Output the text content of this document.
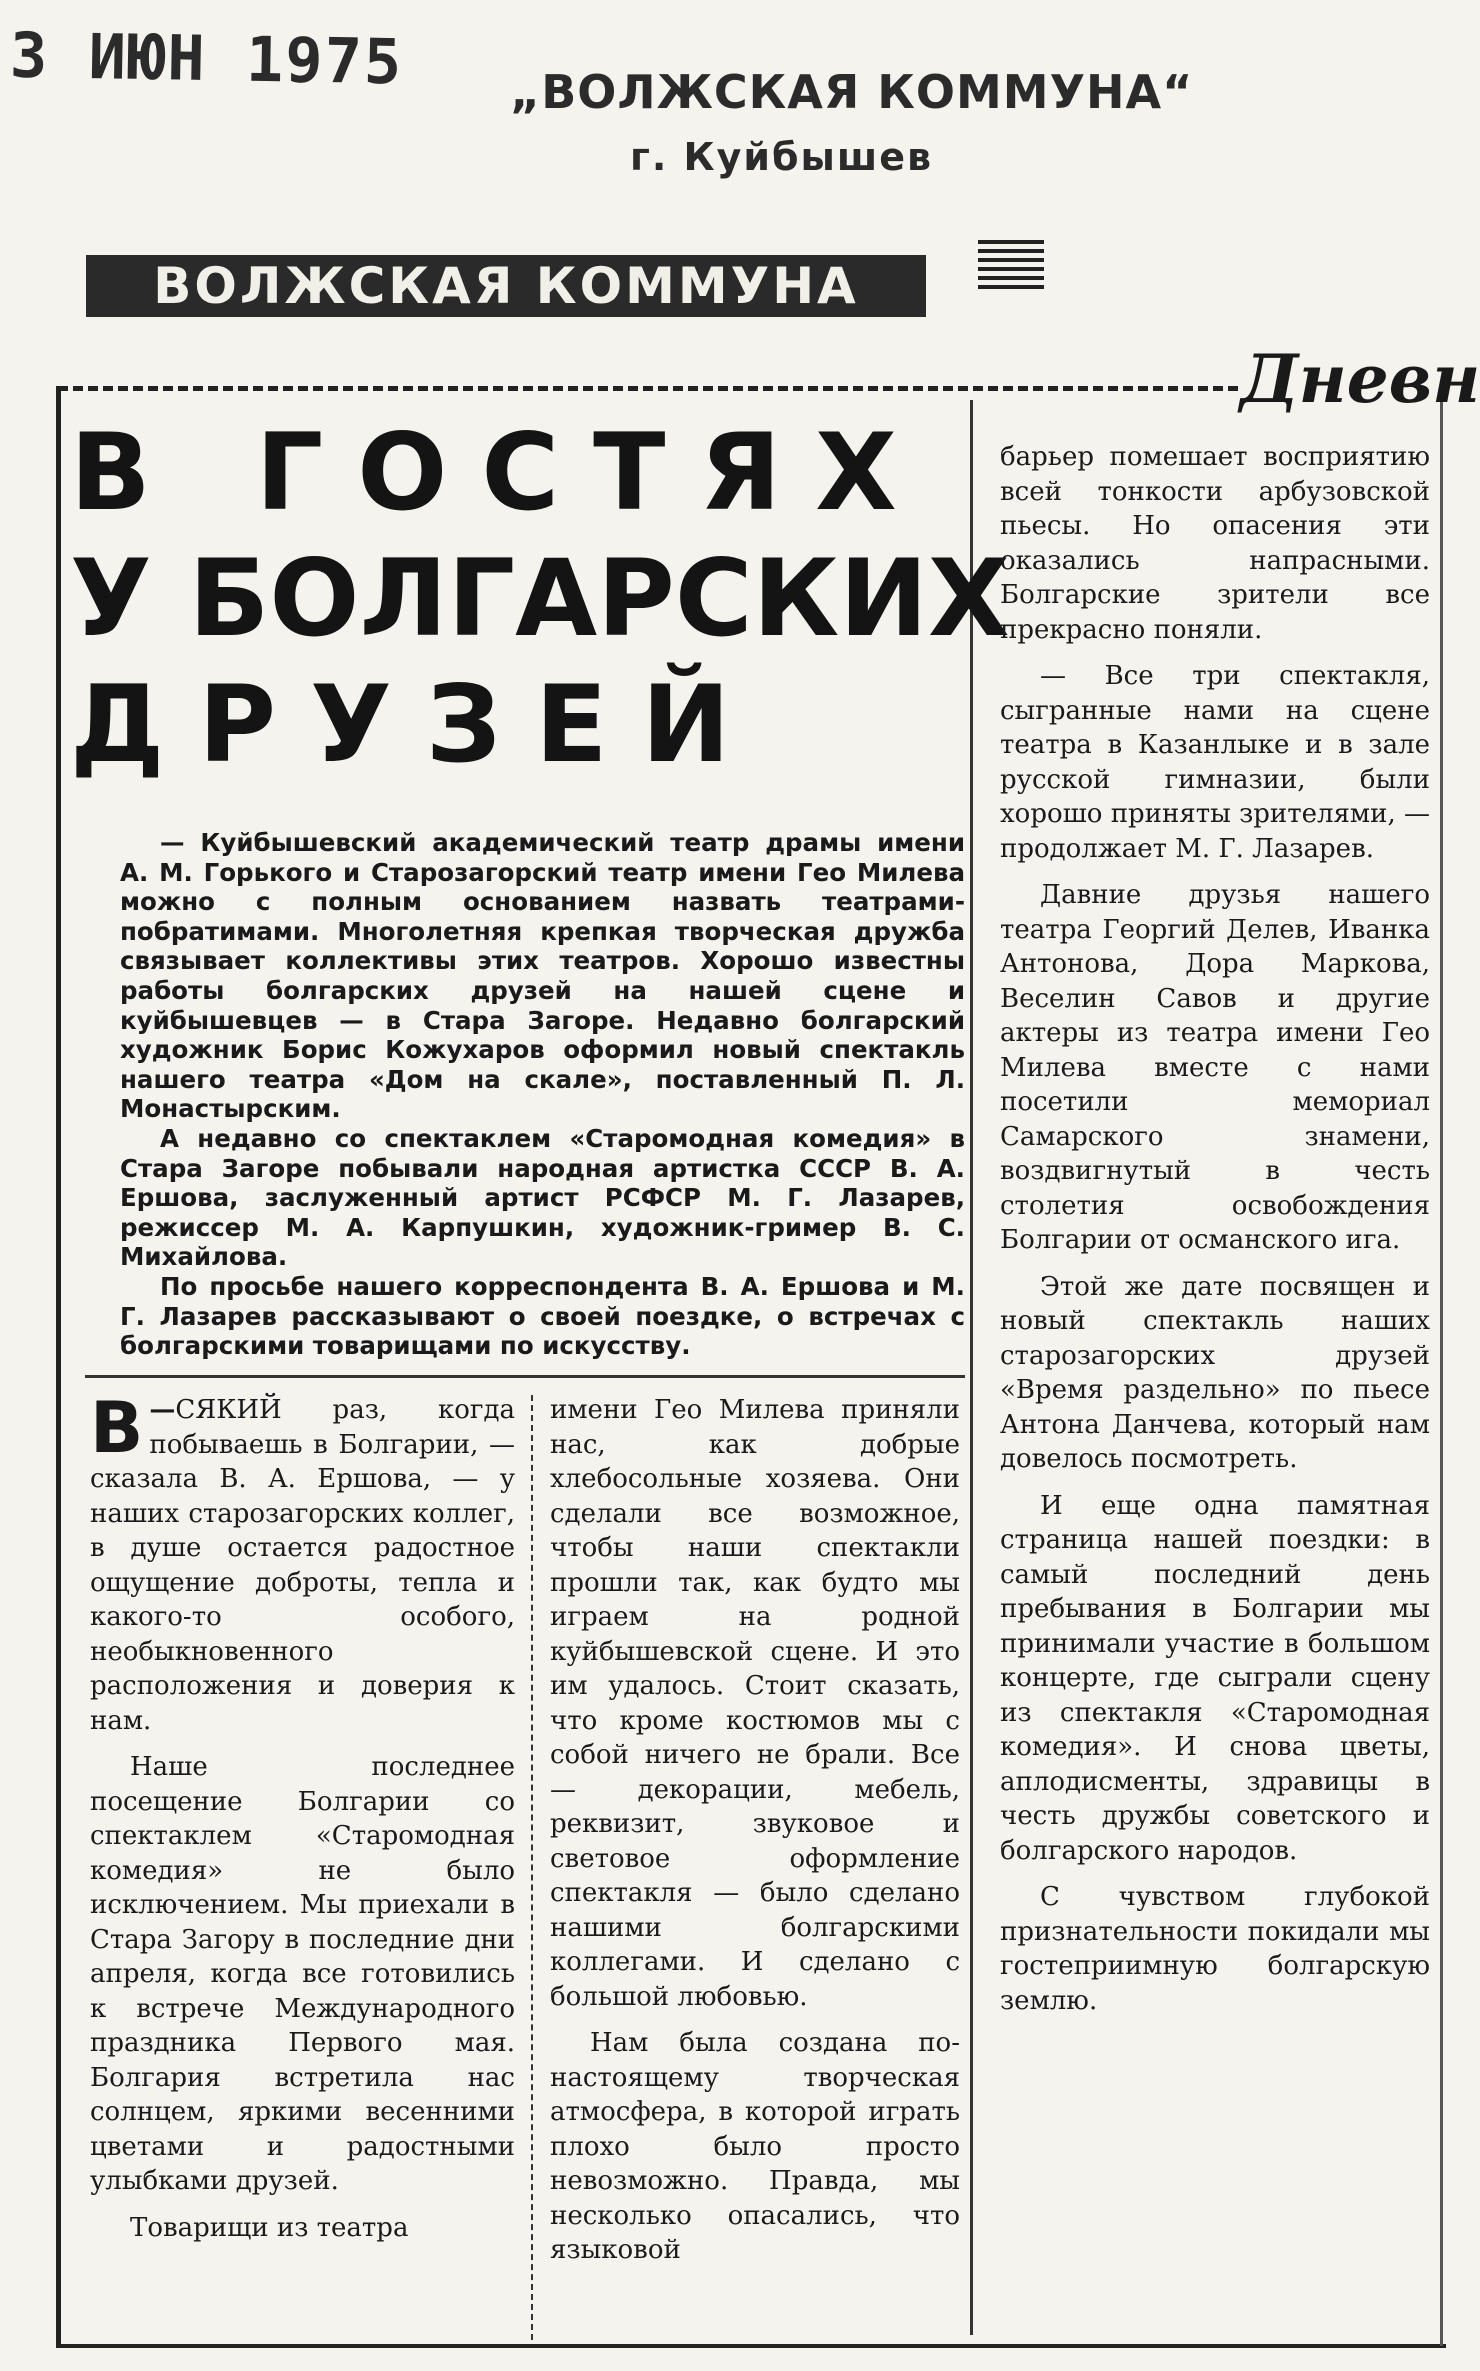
3 ИЮН 1975 „ВОЛЖСКАЯ КОММУНА“
г. Куйбышев
ВОЛЖСКАЯ КОММУНА
Дневн
В ГОСТЯХ
У БОЛГАРСКИХ
ДРУЗЕЙ

— Куйбышевский академический театр драмы имени А. М. Горького и Старозагорский театр имени Гео Милева можно с полным основанием назвать театрами-побратимами. Многолетняя крепкая творческая дружба связывает коллективы этих театров. Хорошо известны работы болгарских друзей на нашей сцене и куйбышевцев — в Стара Загоре. Недавно болгарский художник Борис Кожухаров оформил новый спектакль нашего театра «Дом на скале», поставленный П. Л. Монастырским.

А недавно со спектаклем «Старомодная комедия» в Стара Загоре побывали народная артистка СССР В. А. Ершова, заслуженный артист РСФСР М. Г. Лазарев, режиссер М. А. Карпушкин, художник-гример В. С. Михайлова.

По просьбе нашего корреспондента В. А. Ершова и М. Г. Лазарев рассказывают о своей поездке, о встречах с болгарскими товарищами по искусству.

—
В СЯКИЙ раз, когда побываешь в Болгарии, — сказала В. А. Ершова, — у наших старозагорских коллег, в душе остается радостное ощущение доброты, тепла и какого-то особого, необыкновенного расположения и доверия к нам.

Наше последнее посещение Болгарии со спектаклем «Старомодная комедия» не было исключением. Мы приехали в Стара Загору в последние дни апреля, когда все готовились к встрече Международного праздника Первого мая. Болгария встретила нас солнцем, яркими весенними цветами и радостными улыбками друзей.

Товарищи из театра

имени Гео Милева приняли нас, как добрые хлебосольные хозяева. Они сделали все возможное, чтобы наши спектакли прошли так, как будто мы играем на родной куйбышевской сцене. И это им удалось. Стоит сказать, что кроме костюмов мы с собой ничего не брали. Все — декорации, мебель, реквизит, звуковое и световое оформление спектакля — было сделано нашими болгарскими коллегами. И сделано с большой любовью.

Нам была создана по-настоящему творческая атмосфера, в которой играть плохо было просто невозможно. Правда, мы несколько опасались, что языковой

барьер помешает восприятию всей тонкости арбузовской пьесы. Но опасения эти оказались напрасными. Болгарские зрители все прекрасно поняли.

— Все три спектакля, сыгранные нами на сцене театра в Казанлыке и в зале русской гимназии, были хорошо приняты зрителями, — продолжает М. Г. Лазарев.

Давние друзья нашего театра Георгий Делев, Иванка Антонова, Дора Маркова, Веселин Савов и другие актеры из театра имени Гео Милева вместе с нами посетили мемориал Самарского знамени, воздвигнутый в честь столетия освобождения Болгарии от османского ига.

Этой же дате посвящен и новый спектакль наших старозагорских друзей «Время раздельно» по пьесе Антона Данчева, который нам довелось посмотреть.

И еще одна памятная страница нашей поездки: в самый последний день пребывания в Болгарии мы принимали участие в большом концерте, где сыграли сцену из спектакля «Старомодная комедия». И снова цветы, аплодисменты, здравицы в честь дружбы советского и болгарского народов.

С чувством глубокой признательности покидали мы гостеприимную болгарскую землю.
